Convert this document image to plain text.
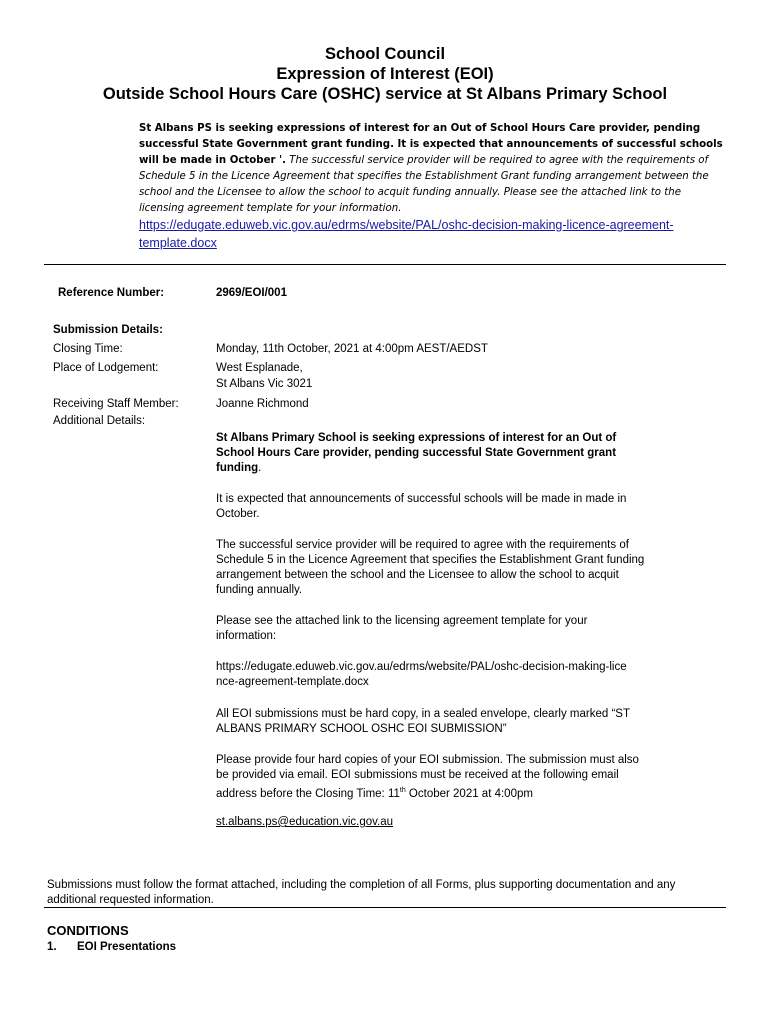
School Council
Expression of Interest (EOI)
Outside School Hours Care (OSHC) service at St Albans Primary School
St Albans PS is seeking expressions of interest for an Out of School Hours Care provider, pending successful State Government grant funding. It is expected that announcements of successful schools will be made in October '. The successful service provider will be required to agree with the requirements of Schedule 5 in the Licence Agreement that specifies the Establishment Grant funding arrangement between the school and the Licensee to allow the school to acquit funding annually. Please see the attached link to the licensing agreement template for your information. https://edugate.eduweb.vic.gov.au/edrms/website/PAL/oshc-decision-making-licence-agreement-template.docx
Reference Number:	2969/EOI/001
Submission Details:
Closing Time:	Monday, 11th October, 2021 at 4:00pm AEST/AEDST
Place of Lodgement:	West Esplanade,
St Albans Vic 3021
Receiving Staff Member:	Joanne Richmond
Additional Details:
St Albans Primary School is seeking expressions of interest for an Out of School Hours Care provider, pending successful State Government grant funding.
It is expected that announcements of successful schools will be made in made in October.
The successful service provider will be required to agree with the requirements of Schedule 5 in the Licence Agreement that specifies the Establishment Grant funding arrangement between the school and the Licensee to allow the school to acquit funding annually.
Please see the attached link to the licensing agreement template for your information:
https://edugate.eduweb.vic.gov.au/edrms/website/PAL/oshc-decision-making-licence-agreement-template.docx
All EOI submissions must be hard copy, in a sealed envelope, clearly marked “ST ALBANS PRIMARY SCHOOL OSHC EOI SUBMISSION”
Please provide four hard copies of your EOI submission. The submission must also be provided via email. EOI submissions must be received at the following email address before the Closing Time: 11th October 2021 at 4:00pm
st.albans.ps@education.vic.gov.au
Submissions must follow the format attached, including the completion of all Forms, plus supporting documentation and any additional requested information.
CONDITIONS
1. EOI Presentations
